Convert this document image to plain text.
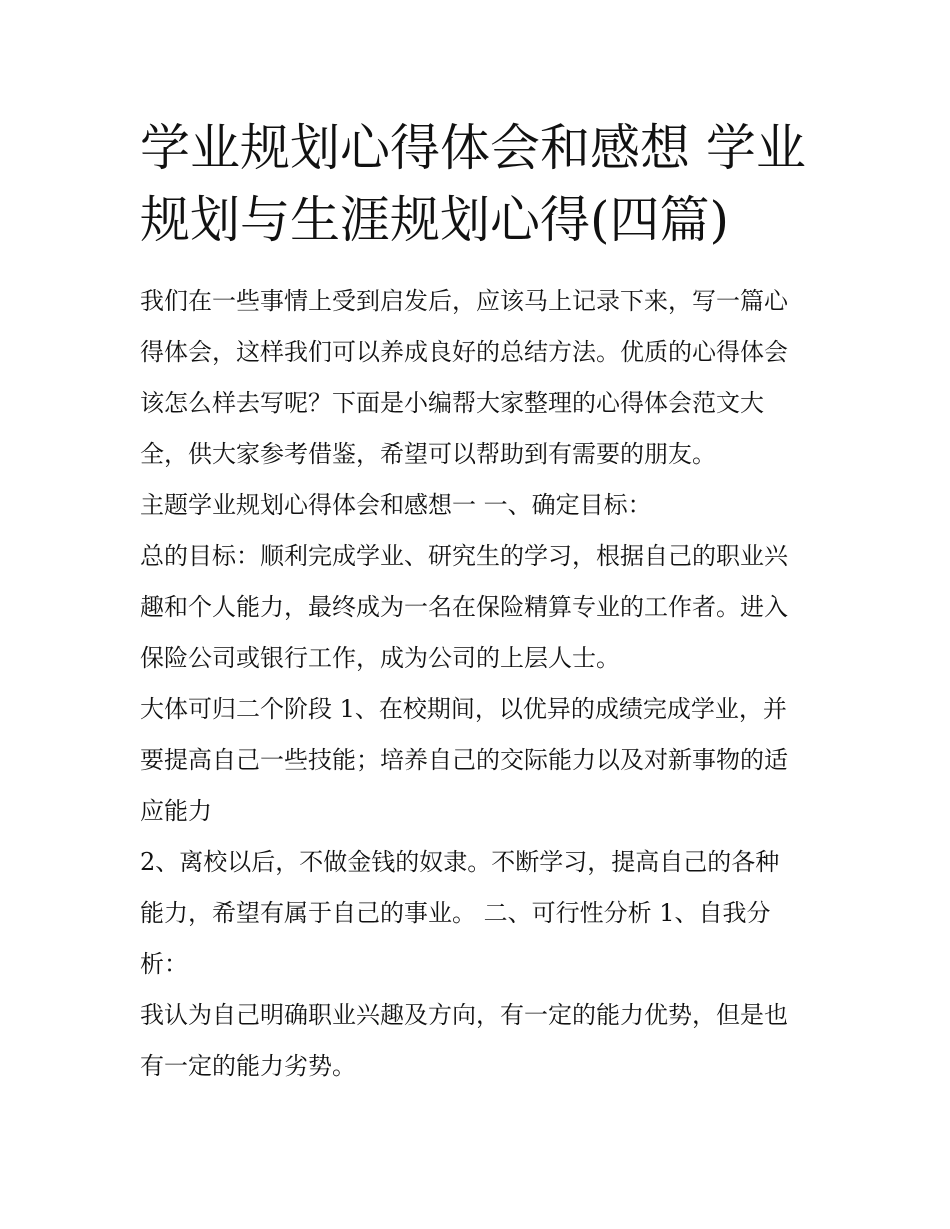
学业规划心得体会和感想 学业
规划与生涯规划心得(四篇)

我们在一些事情上受到启发后，应该马上记录下来，写一篇心
得体会，这样我们可以养成良好的总结方法。优质的心得体会
该怎么样去写呢？下面是小编帮大家整理的心得体会范文大
全，供大家参考借鉴，希望可以帮助到有需要的朋友。

主题学业规划心得体会和感想一 一、确定目标：

总的目标：顺利完成学业、研究生的学习，根据自己的职业兴
趣和个人能力，最终成为一名在保险精算专业的工作者。进入
保险公司或银行工作，成为公司的上层人士。

大体可归二个阶段 1、在校期间，以优异的成绩完成学业，并
要提高自己一些技能；培养自己的交际能力以及对新事物的适
应能力

2、离校以后，不做金钱的奴隶。不断学习，提高自己的各种
能力，希望有属于自己的事业。 二、可行性分析 1、自我分
析：

我认为自己明确职业兴趣及方向，有一定的能力优势，但是也
有一定的能力劣势。
